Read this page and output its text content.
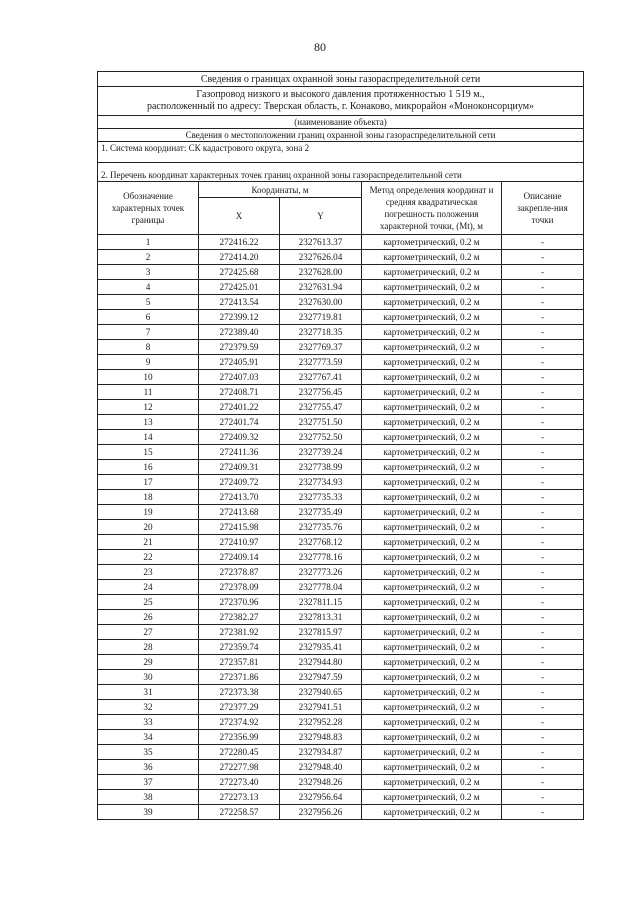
80
Сведения о границах охранной зоны газораспределительной сети				

Газопровод низкого и высокого давления протяженностью 1 519 м.,
расположенный по адресу: Тверская область, г. Конаково, микрорайон «Моноконсорциум»				

(наименование объекта)				
Сведения о местоположении границ охранной зоны газораспределительной сети				
1. Система координат: СК кадастрового округа, зона 2				
2. Перечень координат характерных точек границ охранной зоны газораспределительной сети				
Обозначение характерных точек границы	Координаты, м		Метод определения координат и средняя квадратическая погрешность положения характерной точки, (Mt), м	Описание закрепле-ния точки
	X	Y		
1	272416.22	2327613.37	картометрический, 0.2 м	-
2	272414.20	2327626.04	картометрический, 0.2 м	-
3	272425.68	2327628.00	картометрический, 0.2 м	-
4	272425.01	2327631.94	картометрический, 0.2 м	-
5	272413.54	2327630.00	картометрический, 0.2 м	-
6	272399.12	2327719.81	картометрический, 0.2 м	-
7	272389.40	2327718.35	картометрический, 0.2 м	-
8	272379.59	2327769.37	картометрический, 0.2 м	-
9	272405.91	2327773.59	картометрический, 0.2 м	-
10	272407.03	2327767.41	картометрический, 0.2 м	-
11	272408.71	2327756.45	картометрический, 0.2 м	-
12	272401.22	2327755.47	картометрический, 0.2 м	-
13	272401.74	2327751.50	картометрический, 0.2 м	-
14	272409.32	2327752.50	картометрический, 0.2 м	-
15	272411.36	2327739.24	картометрический, 0.2 м	-
16	272409.31	2327738.99	картометрический, 0.2 м	-
17	272409.72	2327734.93	картометрический, 0.2 м	-
18	272413.70	2327735.33	картометрический, 0.2 м	-
19	272413.68	2327735.49	картометрический, 0.2 м	-
20	272415.98	2327735.76	картометрический, 0.2 м	-
21	272410.97	2327768.12	картометрический, 0.2 м	-
22	272409.14	2327778.16	картометрический, 0.2 м	-
23	272378.87	2327773.26	картометрический, 0.2 м	-
24	272378.09	2327778.04	картометрический, 0.2 м	-
25	272370.96	2327811.15	картометрический, 0.2 м	-
26	272382.27	2327813.31	картометрический, 0.2 м	-
27	272381.92	2327815.97	картометрический, 0.2 м	-
28	272359.74	2327935.41	картометрический, 0.2 м	-
29	272357.81	2327944.80	картометрический, 0.2 м	-
30	272371.86	2327947.59	картометрический, 0.2 м	-
31	272373.38	2327940.65	картометрический, 0.2 м	-
32	272377.29	2327941.51	картометрический, 0.2 м	-
33	272374.92	2327952.28	картометрический, 0.2 м	-
34	272356.99	2327948.83	картометрический, 0.2 м	-
35	272280.45	2327934.87	картометрический, 0.2 м	-
36	272277.98	2327948.40	картометрический, 0.2 м	-
37	272273.40	2327948.26	картометрический, 0.2 м	-
38	272273.13	2327956.64	картометрический, 0.2 м	-
39	272258.57	2327956.26	картометрический, 0.2 м	-
